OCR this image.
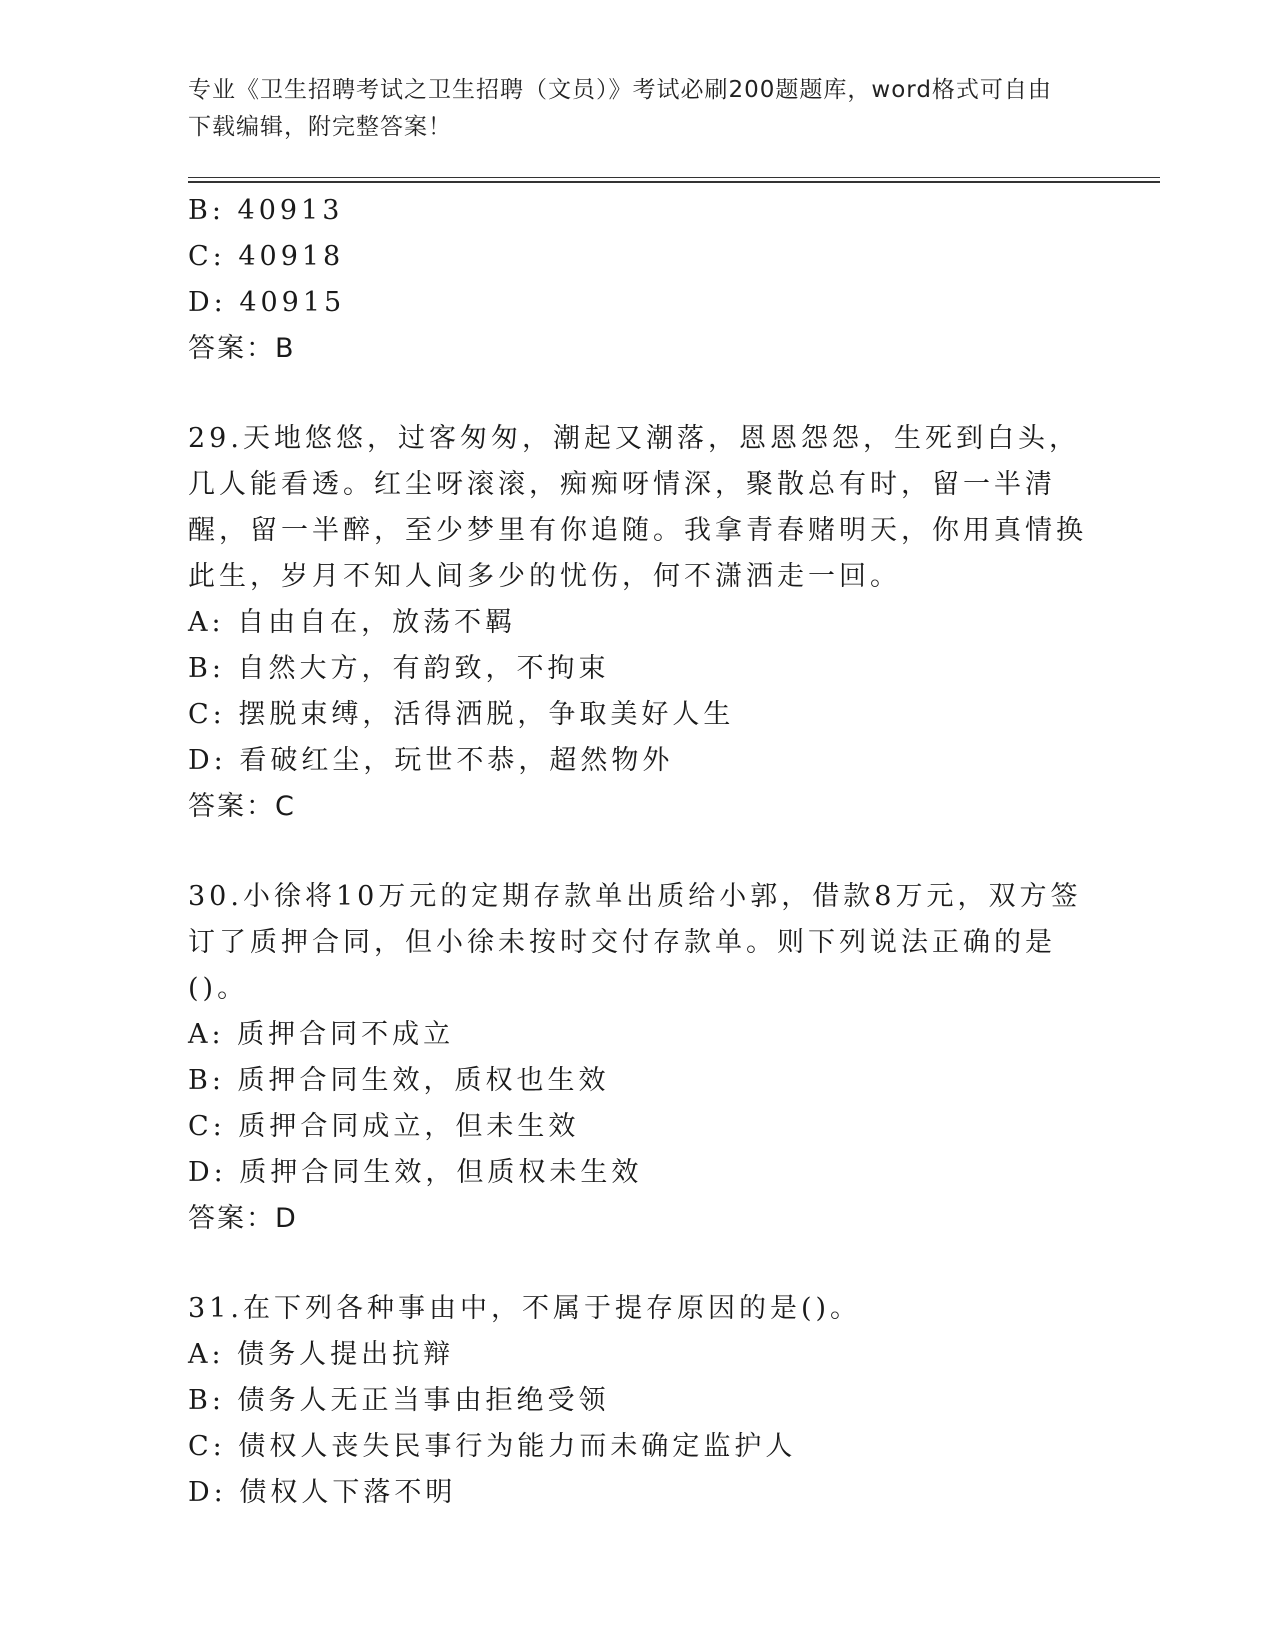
专业《卫生招聘考试之卫生招聘（文员）》考试必刷200题题库，word格式可自由下载编辑，附完整答案！
B: 40913
C: 40918
D: 40915
答案：B
29.天地悠悠，过客匆匆，潮起又潮落，恩恩怨怨，生死到白头，几人能看透。红尘呀滚滚，痴痴呀情深，聚散总有时，留一半清醒，留一半醉，至少梦里有你追随。我拿青春赌明天，你用真情换此生，岁月不知人间多少的忧伤，何不潇洒走一回。
A: 自由自在，放荡不羁
B: 自然大方，有韵致，不拘束
C: 摆脱束缚，活得洒脱，争取美好人生
D: 看破红尘，玩世不恭，超然物外
答案：C
30.小徐将10万元的定期存款单出质给小郭，借款8万元，双方签订了质押合同，但小徐未按时交付存款单。则下列说法正确的是()。
A: 质押合同不成立
B: 质押合同生效，质权也生效
C: 质押合同成立，但未生效
D: 质押合同生效，但质权未生效
答案：D
31.在下列各种事由中，不属于提存原因的是()。
A: 债务人提出抗辩
B: 债务人无正当事由拒绝受领
C: 债权人丧失民事行为能力而未确定监护人
D: 债权人下落不明
